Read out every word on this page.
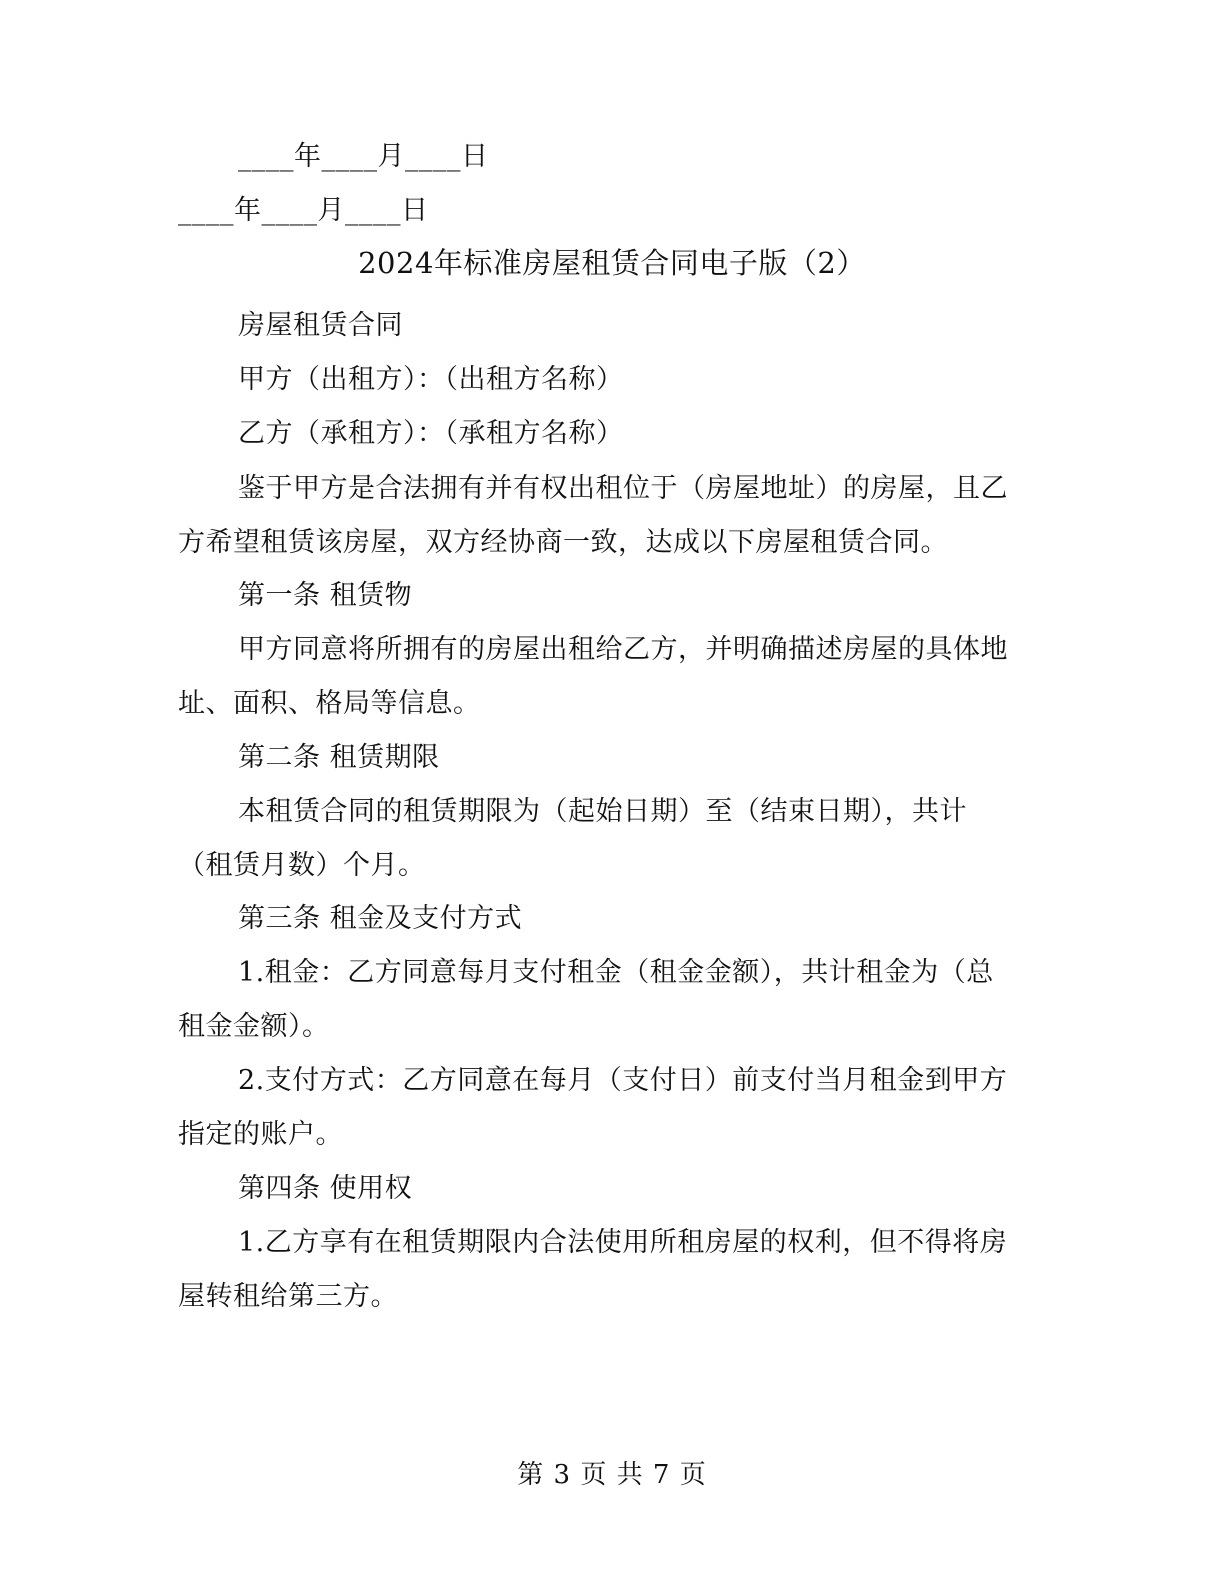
____年____月____日
____年____月____日
2024年标准房屋租赁合同电子版（2）
房屋租赁合同
甲方（出租方）：（出租方名称）
乙方（承租方）：（承租方名称）
鉴于甲方是合法拥有并有权出租位于（房屋地址）的房屋，且乙
方希望租赁该房屋，双方经协商一致，达成以下房屋租赁合同。
第一条 租赁物
甲方同意将所拥有的房屋出租给乙方，并明确描述房屋的具体地
址、面积、格局等信息。
第二条 租赁期限
本租赁合同的租赁期限为（起始日期）至（结束日期），共计
（租赁月数）个月。
第三条 租金及支付方式
1.租金：乙方同意每月支付租金（租金金额），共计租金为（总
租金金额）。
2.支付方式：乙方同意在每月（支付日）前支付当月租金到甲方
指定的账户。
第四条 使用权
1.乙方享有在租赁期限内合法使用所租房屋的权利，但不得将房
屋转租给第三方。
第 3 页 共 7 页
